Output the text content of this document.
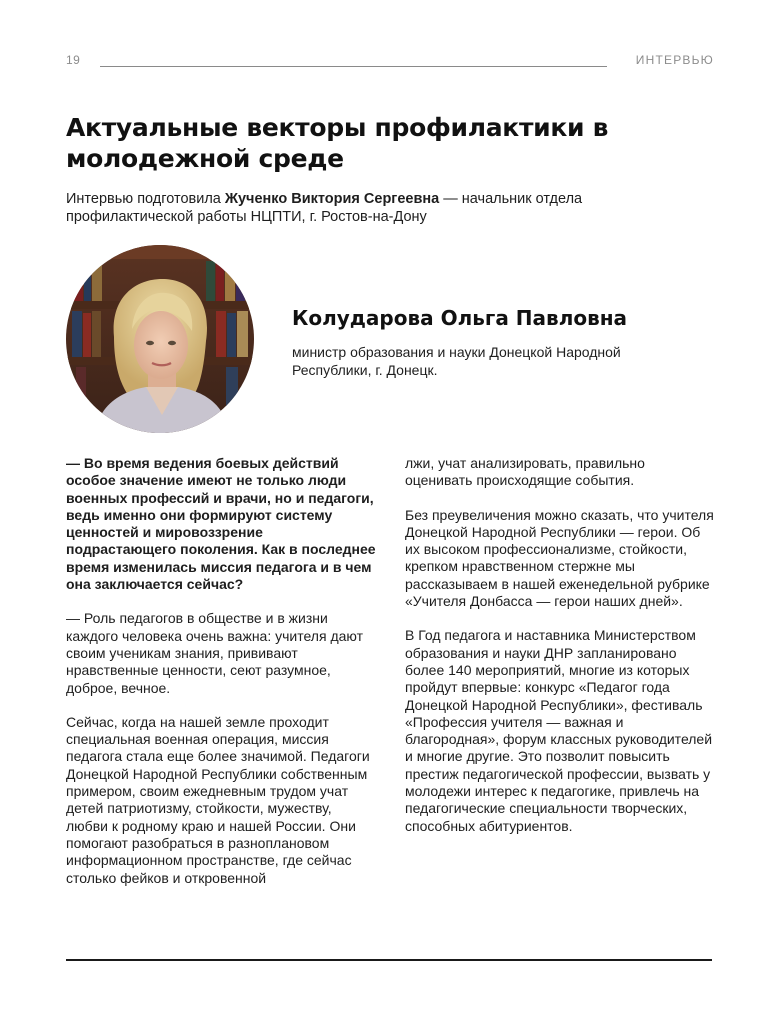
19	ИНТЕРВЬЮ
Актуальные векторы профилактики в молодежной среде
Интервью подготовила Жученко Виктория Сергеевна — начальник отдела профилактической работы НЦПТИ, г. Ростов-на-Дону
Колударова Ольга Павловна
министр образования и науки Донецкой Народной Республики, г. Донецк.

— Во время ведения боевых действий особое значение имеют не только люди военных профессий и врачи, но и педагоги, ведь именно они формируют систему ценностей и мировоззрение подрастающего поколения. Как в последнее время изменилась миссия педагога и в чем она заключается сейчас?

— Роль педагогов в обществе и в жизни каждого человека очень важна: учителя дают своим ученикам знания, прививают нравственные ценности, сеют разумное, доброе, вечное.

Сейчас, когда на нашей земле проходит специальная военная операция, миссия педагога стала еще более значимой. Педагоги Донецкой Народной Республики собственным примером, своим ежедневным трудом учат детей патриотизму, стойкости, мужеству, любви к родному краю и нашей России. Они помогают разобраться в разноплановом информационном пространстве, где сейчас столько фейков и откровенной

лжи, учат анализировать, правильно оценивать происходящие события.

Без преувеличения можно сказать, что учителя Донецкой Народной Республики — герои. Об их высоком профессионализме, стойкости, крепком нравственном стержне мы рассказываем в нашей еженедельной рубрике «Учителя Донбасса — герои наших дней».

В Год педагога и наставника Министерством образования и науки ДНР запланировано более 140 мероприятий, многие из которых пройдут впервые: конкурс «Педагог года Донецкой Народной Республики», фестиваль «Профессия учителя — важная и благородная», форум классных руководителей и многие другие. Это позволит повысить престиж педагогической профессии, вызвать у молодежи интерес к педагогике, привлечь на педагогические специальности творческих, способных абитуриентов.
